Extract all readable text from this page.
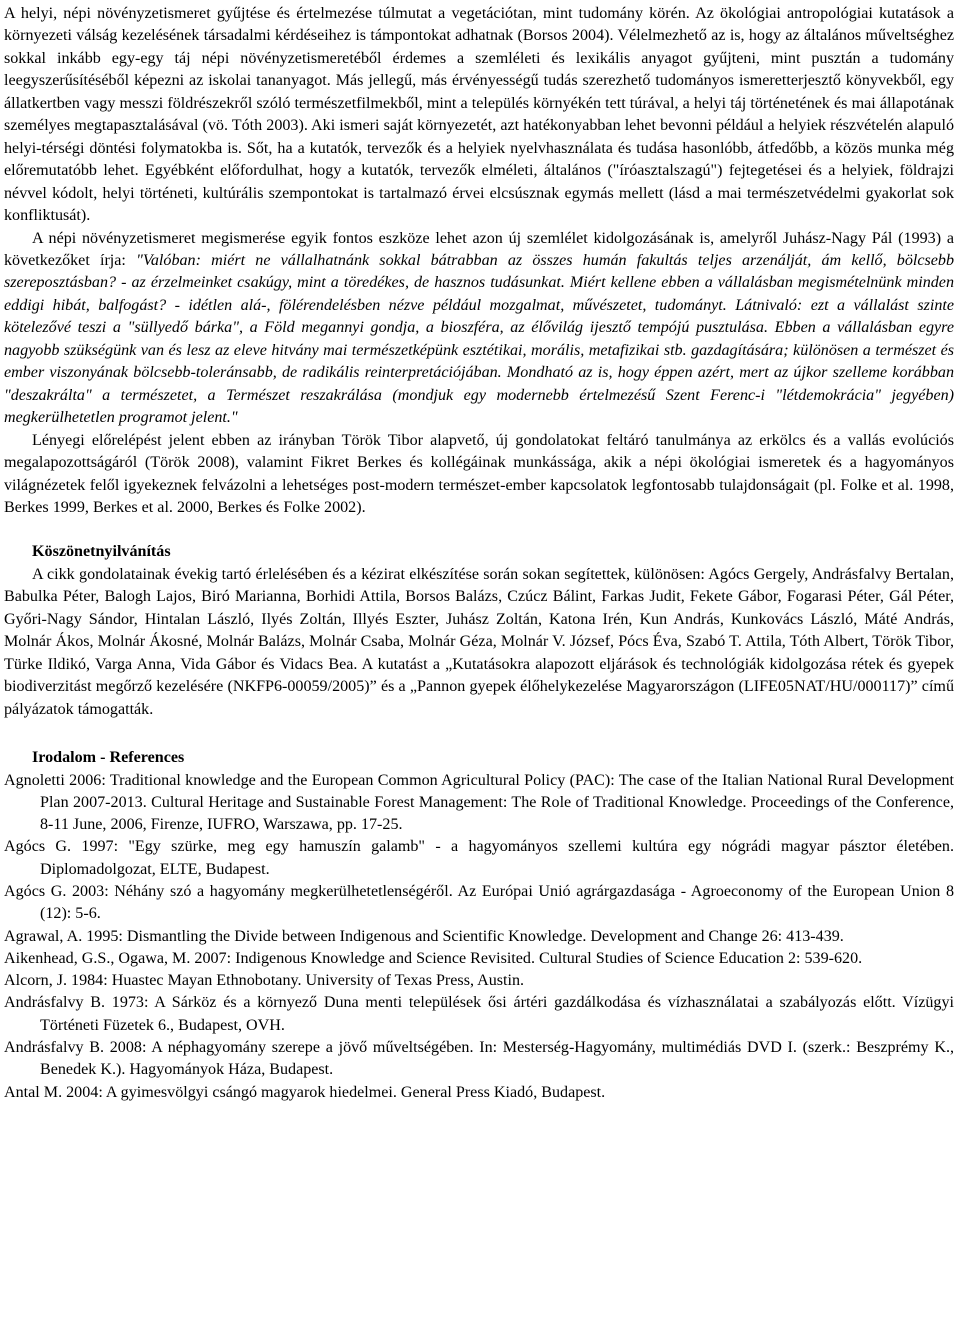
A helyi, népi növényzetismeret gyűjtése és értelmezése túlmutat a vegetációtan, mint tudomány körén. Az ökológiai antropológiai kutatások a környezeti válság kezelésének társadalmi kérdéseihez is támpontokat adhatnak (Borsos 2004). Vélelmezhető az is, hogy az általános műveltséghez sokkal inkább egy-egy táj népi növényzetismeretéből érdemes a szemléleti és lexikális anyagot gyűjteni, mint pusztán a tudomány leegyszerűsítéséből képezni az iskolai tananyagot. Más jellegű, más érvényességű tudás szerezhető tudományos ismeretterjesztő könyvekből, egy állatkertben vagy messzi földrészekről szóló természetfilmekből, mint a település környékén tett túrával, a helyi táj történetének és mai állapotának személyes megtapasztalásával (vö. Tóth 2003). Aki ismeri saját környezetét, azt hatékonyabban lehet bevonni például a helyiek részvételén alapuló helyi-térségi döntési folymatokba is. Sőt, ha a kutatók, tervezők és a helyiek nyelvhasználata és tudása hasonlóbb, átfedőbb, a közös munka még előremutatóbb lehet. Egyébként előfordulhat, hogy a kutatók, tervezők elméleti, általános ("íróasztalszagú") fejtegetései és a helyiek, földrajzi névvel kódolt, helyi történeti, kultúrális szempontokat is tartalmazó érvei elcsúsznak egymás mellett (lásd a mai természetvédelmi gyakorlat sok konfliktusát).

A népi növényzetismeret megismerése egyik fontos eszköze lehet azon új szemlélet kidolgozásának is, amelyről Juhász-Nagy Pál (1993) a következőket írja: "Valóban: miért ne vállalhatnánk sokkal bátrabban az összes humán fakultás teljes arzenálját, ám kellő, bölcsebb szereposztásban? - az érzelmeinket csakúgy, mint a töredékes, de hasznos tudásunkat. Miért kellene ebben a vállalásban megismételnünk minden eddigi hibát, balfogást? - idétlen alá-, fölérendelésben nézve például mozgalmat, művészetet, tudományt. Látnivaló: ezt a vállalást szinte kötelezővé teszi a "süllyedő bárka", a Föld megannyi gondja, a bioszféra, az élővilág ijesztő tempójú pusztulása. Ebben a vállalásban egyre nagyobb szükségünk van és lesz az eleve hitvány mai természetképünk esztétikai, morális, metafizikai stb. gazdagítására; különösen a természet és ember viszonyának bölcsebb-toleránsabb, de radikális reinterpretációjában. Mondható az is, hogy éppen azért, mert az újkor szelleme korábban "deszakrálta" a természetet, a Természet reszakrálása (mondjuk egy modernebb értelmezésű Szent Ferenc-i "létdemokrácia" jegyében) megkerülhetetlen programot jelent."

Lényegi előrelépést jelent ebben az irányban Török Tibor alapvető, új gondolatokat feltáró tanulmánya az erkölcs és a vallás evolúciós megalapozottságáról (Török 2008), valamint Fikret Berkes és kollégáinak munkássága, akik a népi ökológiai ismeretek és a hagyományos világnézetek felől igyekeznek felvázolni a lehetséges post-modern természet-ember kapcsolatok legfontosabb tulajdonságait (pl. Folke et al. 1998, Berkes 1999, Berkes et al. 2000, Berkes és Folke 2002).

Köszönetnyilvánítás

A cikk gondolatainak évekig tartó érlelésében és a kézirat elkészítése során sokan segítettek, különösen: Agócs Gergely, Andrásfalvy Bertalan, Babulka Péter, Balogh Lajos, Biró Marianna, Borhidi Attila, Borsos Balázs, Czúcz Bálint, Farkas Judit, Fekete Gábor, Fogarasi Péter, Gál Péter, Győri-Nagy Sándor, Hintalan László, Ilyés Zoltán, Illyés Eszter, Juhász Zoltán, Katona Irén, Kun András, Kunkovács László, Máté András, Molnár Ákos, Molnár Ákosné, Molnár Balázs, Molnár Csaba, Molnár Géza, Molnár V. József, Pócs Éva, Szabó T. Attila, Tóth Albert, Török Tibor, Türke Ildikó, Varga Anna, Vida Gábor és Vidacs Bea. A kutatást a „Kutatásokra alapozott eljárások és technológiák kidolgozása rétek és gyepek biodiverzitást megőrző kezelésére (NKFP6-00059/2005)” és a „Pannon gyepek élőhelykezelése Magyarországon (LIFE05NAT/HU/000117)” című pályázatok támogatták.

Irodalom - References
Agnoletti 2006: Traditional knowledge and the European Common Agricultural Policy (PAC): The case of the Italian National Rural Development Plan 2007-2013. Cultural Heritage and Sustainable Forest Management: The Role of Traditional Knowledge. Proceedings of the Conference, 8-11 June, 2006, Firenze, IUFRO, Warszawa, pp. 17-25.
Agócs G. 1997: "Egy szürke, meg egy hamuszín galamb" - a hagyományos szellemi kultúra egy nógrádi magyar pásztor életében. Diplomadolgozat, ELTE, Budapest.
Agócs G. 2003: Néhány szó a hagyomány megkerülhetetlenségéről. Az Európai Unió agrárgazdasága - Agroeconomy of the European Union 8 (12): 5-6.
Agrawal, A. 1995: Dismantling the Divide between Indigenous and Scientific Knowledge. Development and Change 26: 413-439.
Aikenhead, G.S., Ogawa, M. 2007: Indigenous Knowledge and Science Revisited. Cultural Studies of Science Education 2: 539-620.
Alcorn, J. 1984: Huastec Mayan Ethnobotany. University of Texas Press, Austin.
Andrásfalvy B. 1973: A Sárköz és a környező Duna menti települések ősi ártéri gazdálkodása és vízhasználatai a szabályozás előtt. Vízügyi Történeti Füzetek 6., Budapest, OVH.
Andrásfalvy B. 2008: A néphagyomány szerepe a jövő műveltségében. In: Mesterség-Hagyomány, multimédiás DVD I. (szerk.: Beszprémy K., Benedek K.). Hagyományok Háza, Budapest.
Antal M. 2004: A gyimesvölgyi csángó magyarok hiedelmei. General Press Kiadó, Budapest.
